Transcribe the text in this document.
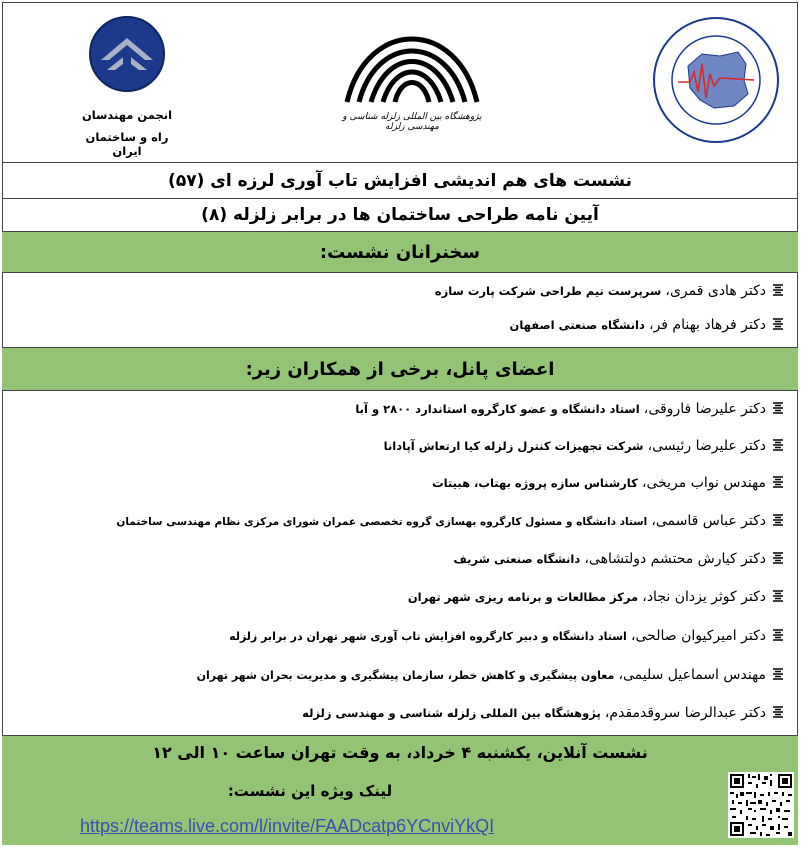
انجمن مهندسان
راه و ساختمان ایران
پژوهشگاه بین المللی زلزله شناسی و مهندسی زلزله
نشست های هم اندیشی افزایش تاب آوری لرزه ای (۵۷)
آیین نامه طراحی ساختمان ها در برابر زلزله (۸)
سخنرانان نشست:
دکتر هادی قمری، سرپرست تیم طراحی شرکت پارت سازه
دکتر فرهاد بهنام فر، دانشگاه صنعتی اصفهان
اعضای پانل، برخی از همکاران زیر:
دکتر علیرضا فاروقی، استاد دانشگاه و عضو کارگروه استاندارد ۲۸۰۰ و آبا
دکتر علیرضا رئیسی، شرکت تجهیزات کنترل زلزله کیا ارتعاش آپادانا
مهندس نواب مریخی، کارشناس سازه پروژه بهتاب، هبیتات
دکتر عباس قاسمی، استاد دانشگاه و مسئول کارگروه بهسازی گروه تخصصی عمران شورای مرکزی نظام مهندسی ساختمان
دکتر کیارش محتشم دولتشاهی، دانشگاه صنعتی شریف
دکتر کوثر یزدان نجاد، مرکز مطالعات و برنامه ریزی شهر تهران
دکتر امیرکیوان صالحی، استاد دانشگاه و دبیر کارگروه افزایش تاب آوری شهر تهران در برابر زلزله
مهندس اسماعیل سلیمی، معاون پیشگیری و کاهش خطر، سازمان پیشگیری و مدیریت بحران شهر تهران
دکتر عبدالرضا سروقدمقدم، پژوهشگاه بین المللی زلزله شناسی و مهندسی زلزله
نشست آنلاین، یکشنبه ۴ خرداد، به وقت تهران ساعت ۱۰ الی ۱۲
لینک ویژه این نشست:
https://teams.live.com/l/invite/FAADcatp6YCnviYkQI
